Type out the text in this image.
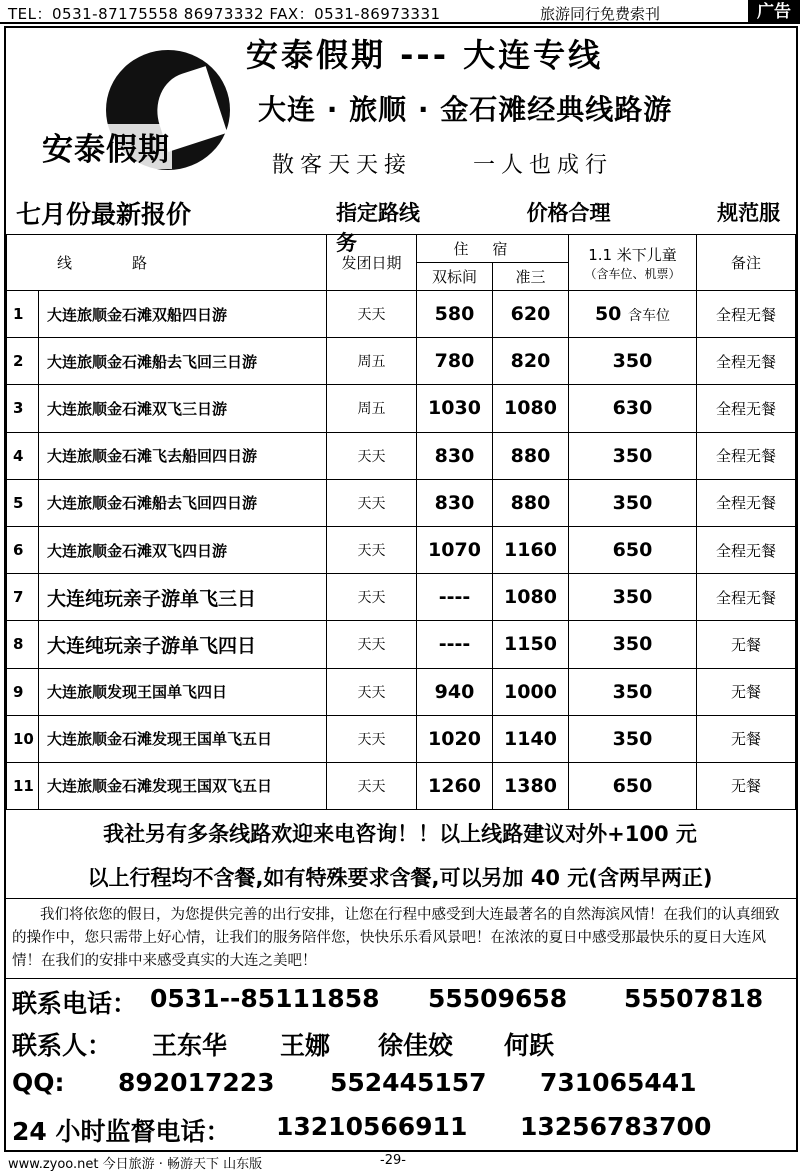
TEL：0531-87175558 86973332 FAX：0531-86973331	旅游同行免费索刊	广告
安泰假期
安泰假期 --- 大连专线
大连 · 旅顺 · 金石滩经典线路游
散客天天接　 一人也成行
七月份最新报价	指定路线	价格合理	规范服务
线路		发团日期	住宿		1.1 米下儿童
（含车位、机票）	备注
			双标间	准三		
1	大连旅顺金石滩双船四日游	天天	580	620	50 含车位	全程无餐
2	大连旅顺金石滩船去飞回三日游	周五	780	820	350	全程无餐
3	大连旅顺金石滩双飞三日游	周五	1030	1080	630	全程无餐
4	大连旅顺金石滩飞去船回四日游	天天	830	880	350	全程无餐
5	大连旅顺金石滩船去飞回四日游	天天	830	880	350	全程无餐
6	大连旅顺金石滩双飞四日游	天天	1070	1160	650	全程无餐
7	大连纯玩亲子游单飞三日	天天	----	1080	350	全程无餐
8	大连纯玩亲子游单飞四日	天天	----	1150	350	无餐
9	大连旅顺发现王国单飞四日	天天	940	1000	350	无餐
10	大连旅顺金石滩发现王国单飞五日	天天	1020	1140	350	无餐
11	大连旅顺金石滩发现王国双飞五日	天天	1260	1380	650	无餐
我社另有多条线路欢迎来电咨询！！以上线路建议对外+100 元
以上行程均不含餐,如有特殊要求含餐,可以另加 40 元(含两早两正)
我们将依您的假日，为您提供完善的出行安排，让您在行程中感受到大连最著名的自然海滨风情！在我们的认真细致的操作中，您只需带上好心情，让我们的服务陪伴您，快快乐乐看风景吧！在浓浓的夏日中感受那最快乐的夏日大连风情！在我们的安排中来感受真实的大连之美吧！
联系电话： 0531--85111858 55509658 55507818
联系人： 王东华 王娜 徐佳姣 何跃
QQ: 892017223 552445157 731065441
24 小时监督电话： 13210566911 13256783700
www.zyoo.net 今日旅游 · 畅游天下 山东版	-29-
